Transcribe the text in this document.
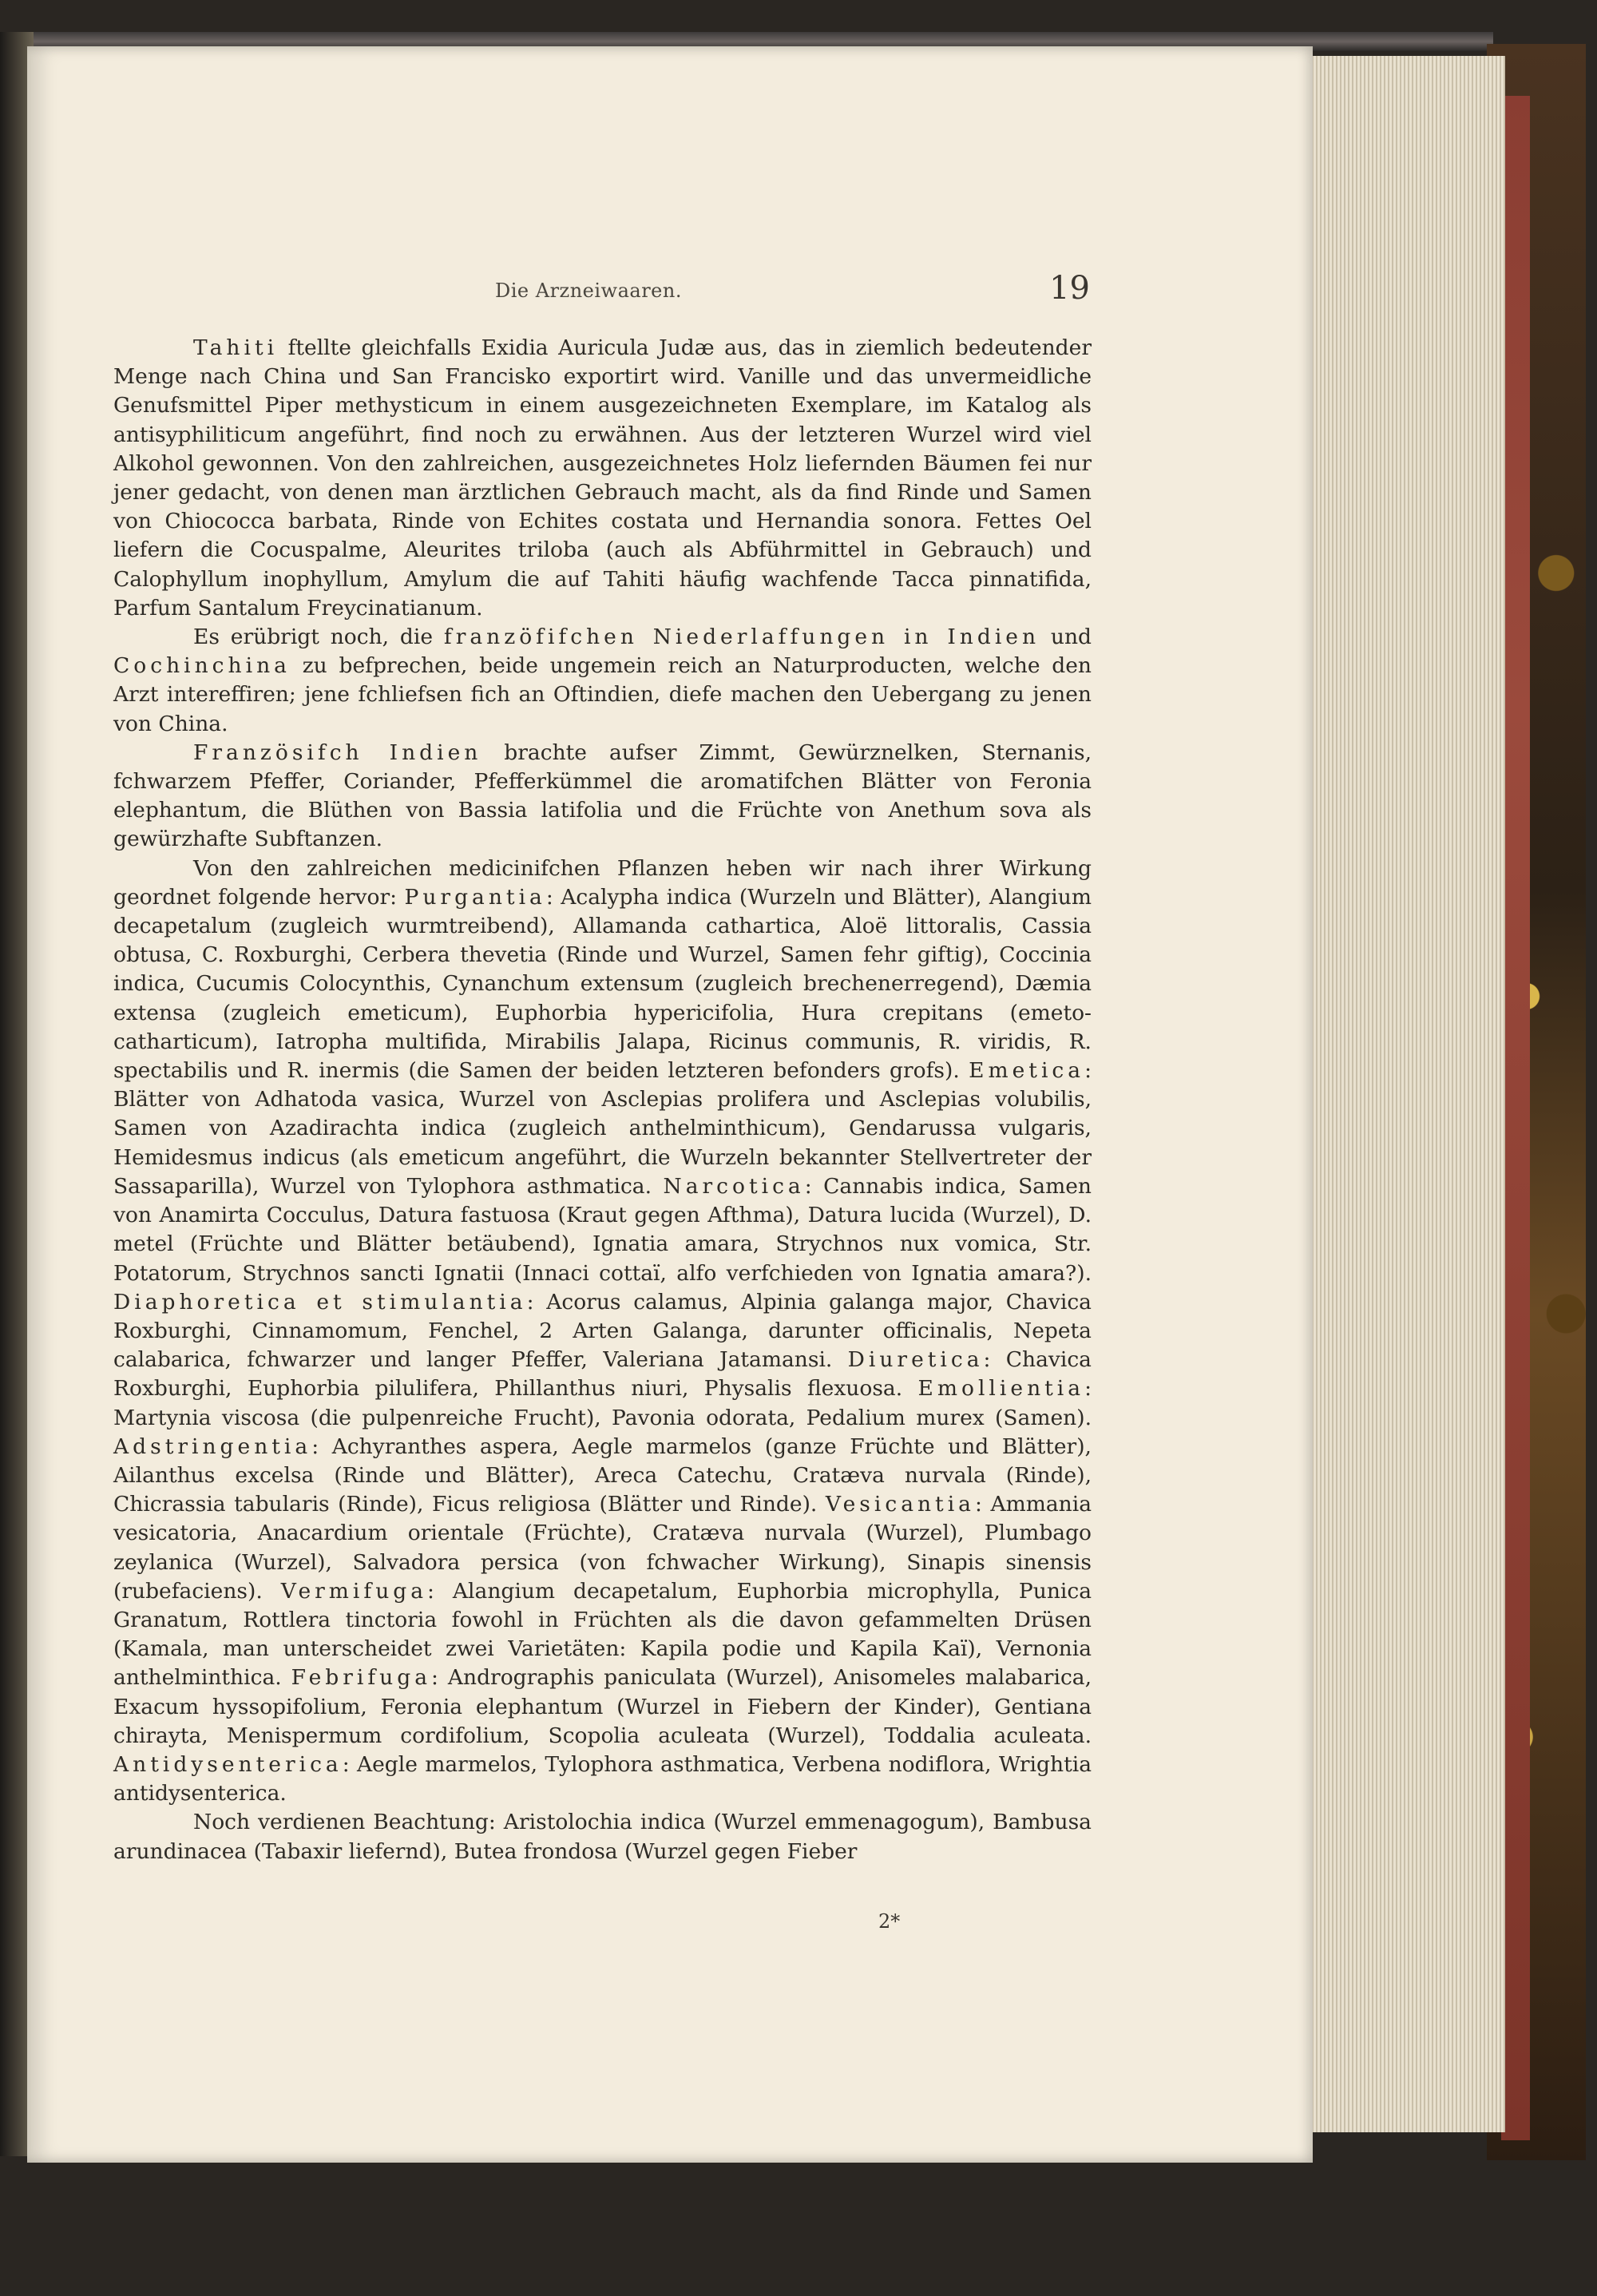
Die Arzneiwaaren.	19

Tahiti ftellte gleichfalls Exidia Auricula Judæ aus, das in ziemlich bedeutender Menge nach China und San Francisko exportirt wird. Vanille und das unvermeidliche Genufsmittel Piper methysticum in einem ausgezeichneten Exemplare, im Katalog als antisyphiliticum angeführt, find noch zu erwähnen. Aus der letzteren Wurzel wird viel Alkohol gewonnen. Von den zahlreichen, ausgezeichnetes Holz liefernden Bäumen fei nur jener gedacht, von denen man ärztlichen Gebrauch macht, als da find Rinde und Samen von Chiococca barbata, Rinde von Echites costata und Hernandia sonora. Fettes Oel liefern die Cocuspalme, Aleurites triloba (auch als Abführmittel in Gebrauch) und Calophyllum inophyllum, Amylum die auf Tahiti häufig wachfende Tacca pinnatifida, Parfum Santalum Freycinatianum.

Es erübrigt noch, die franzöfifchen Niederlaffungen in Indien und Cochinchina zu befprechen, beide ungemein reich an Naturproducten, welche den Arzt intereffiren; jene fchliefsen fich an Oftindien, diefe machen den Uebergang zu jenen von China.

Französifch Indien brachte aufser Zimmt, Gewürznelken, Sternanis, fchwarzem Pfeffer, Coriander, Pfefferkümmel die aromatifchen Blätter von Feronia elephantum, die Blüthen von Bassia latifolia und die Früchte von Anethum sova als gewürzhafte Subftanzen.

Von den zahlreichen medicinifchen Pflanzen heben wir nach ihrer Wirkung geordnet folgende hervor: Purgantia: Acalypha indica (Wurzeln und Blätter), Alangium decapetalum (zugleich wurmtreibend), Allamanda cathartica, Aloë littoralis, Cassia obtusa, C. Roxburghi, Cerbera thevetia (Rinde und Wurzel, Samen fehr giftig), Coccinia indica, Cucumis Colocynthis, Cynanchum extensum (zugleich brechenerregend), Dæmia extensa (zugleich emeticum), Euphorbia hypericifolia, Hura crepitans (emeto-catharticum), Iatropha multifida, Mirabilis Jalapa, Ricinus communis, R. viridis, R. spectabilis und R. inermis (die Samen der beiden letzteren befonders grofs). Emetica: Blätter von Adhatoda vasica, Wurzel von Asclepias prolifera und Asclepias volubilis, Samen von Azadirachta indica (zugleich anthelminthicum), Gendarussa vulgaris, Hemidesmus indicus (als emeticum angeführt, die Wurzeln bekannter Stellvertreter der Sassaparilla), Wurzel von Tylophora asthmatica. Narcotica: Cannabis indica, Samen von Anamirta Cocculus, Datura fastuosa (Kraut gegen Afthma), Datura lucida (Wurzel), D. metel (Früchte und Blätter betäubend), Ignatia amara, Strychnos nux vomica, Str. Potatorum, Strychnos sancti Ignatii (Innaci cottaï, alfo verfchieden von Ignatia amara?). Diaphoretica et stimulantia: Acorus calamus, Alpinia galanga major, Chavica Roxburghi, Cinnamomum, Fenchel, 2 Arten Galanga, darunter officinalis, Nepeta calabarica, fchwarzer und langer Pfeffer, Valeriana Jatamansi. Diuretica: Chavica Roxburghi, Euphorbia pilulifera, Phillanthus niuri, Physalis flexuosa. Emollientia: Martynia viscosa (die pulpenreiche Frucht), Pavonia odorata, Pedalium murex (Samen). Adstringentia: Achyranthes aspera, Aegle marmelos (ganze Früchte und Blätter), Ailanthus excelsa (Rinde und Blätter), Areca Catechu, Cratæva nurvala (Rinde), Chicrassia tabularis (Rinde), Ficus religiosa (Blätter und Rinde). Vesicantia: Ammania vesicatoria, Anacardium orientale (Früchte), Cratæva nurvala (Wurzel), Plumbago zeylanica (Wurzel), Salvadora persica (von fchwacher Wirkung), Sinapis sinensis (rubefaciens). Vermifuga: Alangium decapetalum, Euphorbia microphylla, Punica Granatum, Rottlera tinctoria fowohl in Früchten als die davon gefammelten Drüsen (Kamala, man unterscheidet zwei Varietäten: Kapila podie und Kapila Kaï), Vernonia anthelminthica. Febrifuga: Andrographis paniculata (Wurzel), Anisomeles malabarica, Exacum hyssopifolium, Feronia elephantum (Wurzel in Fiebern der Kinder), Gentiana chirayta, Menispermum cordifolium, Scopolia aculeata (Wurzel), Toddalia aculeata. Antidysenterica: Aegle marmelos, Tylophora asthmatica, Verbena nodiflora, Wrightia antidysenterica.

Noch verdienen Beachtung: Aristolochia indica (Wurzel emmenagogum), Bambusa arundinacea (Tabaxir liefernd), Butea frondosa (Wurzel gegen Fieber

2*
